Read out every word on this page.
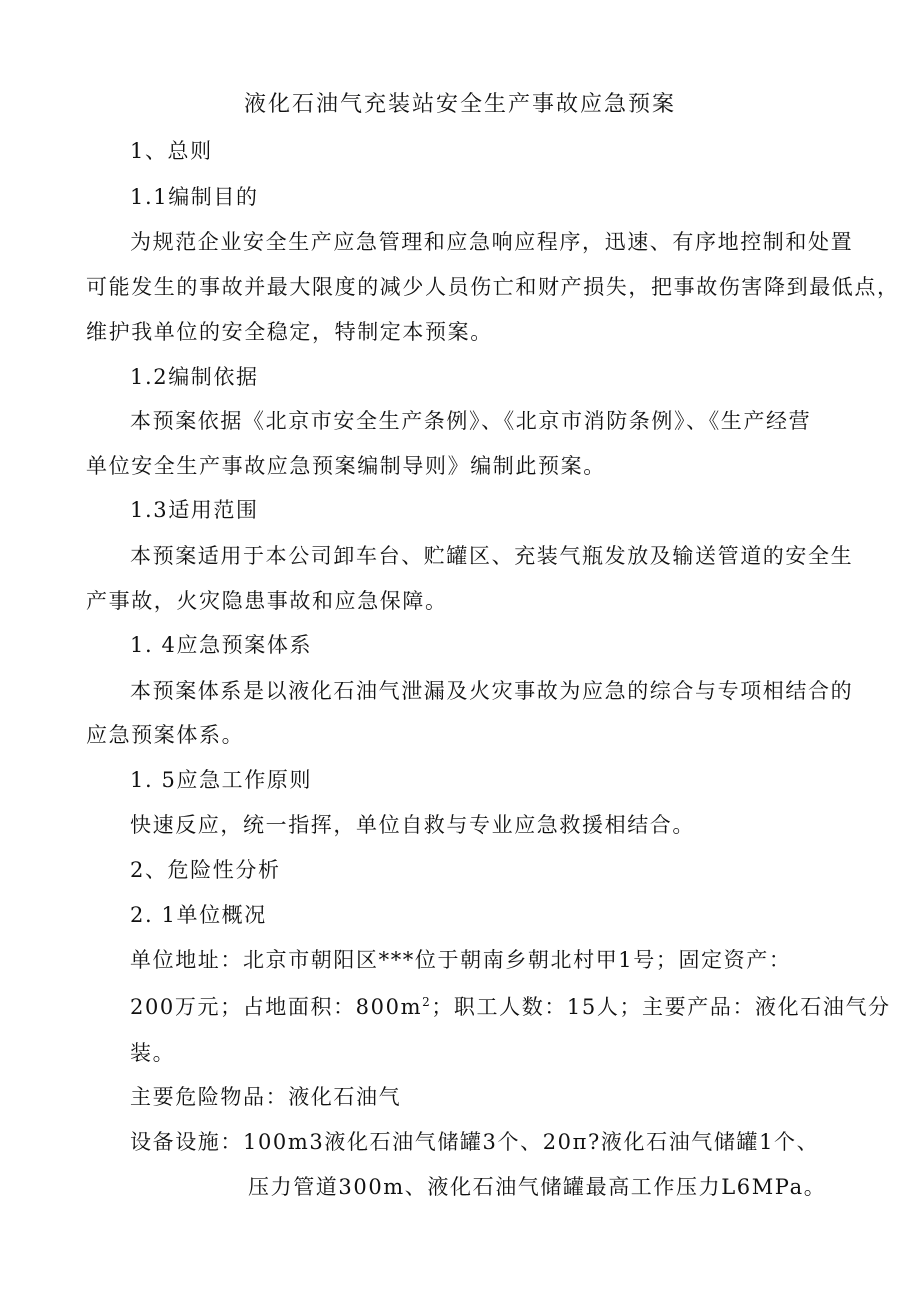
液化石油气充装站安全生产事故应急预案
1、总则
1.1编制目的
为规范企业安全生产应急管理和应急响应程序，迅速、有序地控制和处置
可能发生的事故并最大限度的减少人员伤亡和财产损失，把事故伤害降到最低点，
维护我单位的安全稳定，特制定本预案。
1.2编制依据
本预案依据《北京市安全生产条例》、《北京市消防条例》、《生产经营
单位安全生产事故应急预案编制导则》编制此预案。
1.3适用范围
本预案适用于本公司卸车台、贮罐区、充装气瓶发放及输送管道的安全生
产事故，火灾隐患事故和应急保障。
1. 4应急预案体系
本预案体系是以液化石油气泄漏及火灾事故为应急的综合与专项相结合的
应急预案体系。
1. 5应急工作原则
快速反应，统一指挥，单位自救与专业应急救援相结合。
2、危险性分析
2. 1单位概况
单位地址：北京市朝阳区***位于朝南乡朝北村甲1号；固定资产：
200万元；占地面积：$800m^2$；职工人数：15人；主要产品：液化石油气分
装。
主要危险物品：液化石油气
设备设施：100m3液化石油气储罐3个、20π?液化石油气储罐1个、
压力管道300m、液化石油气储罐最高工作压力L6MPa。
